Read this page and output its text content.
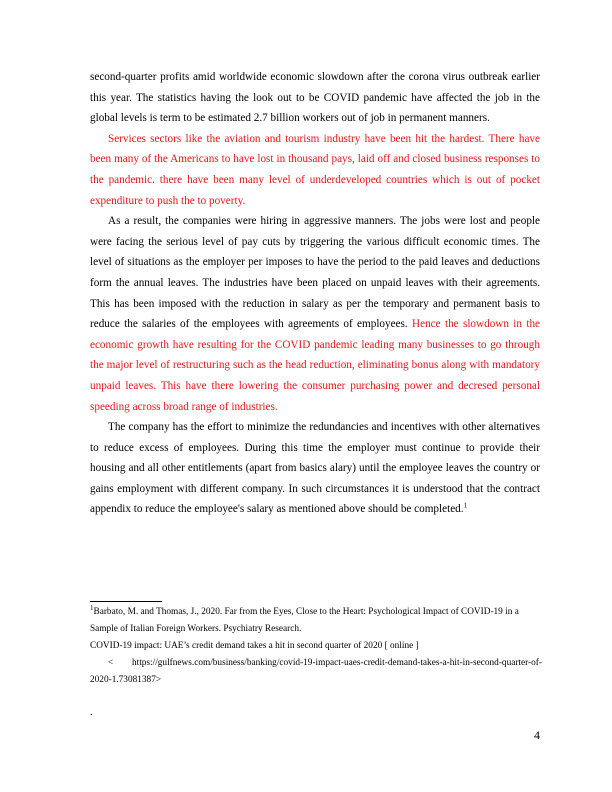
second-quarter profits amid worldwide economic slowdown after the corona virus outbreak earlier this year. The statistics having the look out to be COVID pandemic have affected the job in the global levels is term to be estimated 2.7 billion workers out of job in permanent manners.

Services sectors like the aviation and tourism industry have been hit the hardest. There have been many of the Americans to have lost in thousand pays, laid off and closed business responses to the pandemic. there have been many level of underdeveloped countries which is out of pocket expenditure to push the to poverty.

As a result, the companies were hiring in aggressive manners. The jobs were lost and people were facing the serious level of pay cuts by triggering the various difficult economic times. The level of situations as the employer per imposes to have the period to the paid leaves and deductions form the annual leaves. The industries have been placed on unpaid leaves with their agreements. This has been imposed with the reduction in salary as per the temporary and permanent basis to reduce the salaries of the employees with agreements of employees. Hence the slowdown in the economic growth have resulting for the COVID pandemic leading many businesses to go through the major level of restructuring such as the head reduction, eliminating bonus along with mandatory unpaid leaves. This have there lowering the consumer purchasing power and decresed personal speeding across broad range of industries.

The company has the effort to minimize the redundancies and incentives with other alternatives to reduce excess of employees. During this time the employer must continue to provide their housing and all other entitlements (apart from basics alary) until the employee leaves the country or gains employment with different company. In such circumstances it is understood that the contract appendix to reduce the employee's salary as mentioned above should be completed.$^1$

$^1$Barbato, M. and Thomas, J., 2020. Far from the Eyes, Close to the Heart: Psychological Impact of COVID-19 in a Sample of Italian Foreign Workers. Psychiatry Research.

COVID-19 impact: UAE’s credit demand takes a hit in second quarter of 2020 [ online ]

< https://gulfnews.com/business/banking/covid-19-impact-uaes-credit-demand-takes-a-hit-in-second-quarter-of-2020-1.73081387>

.
4
